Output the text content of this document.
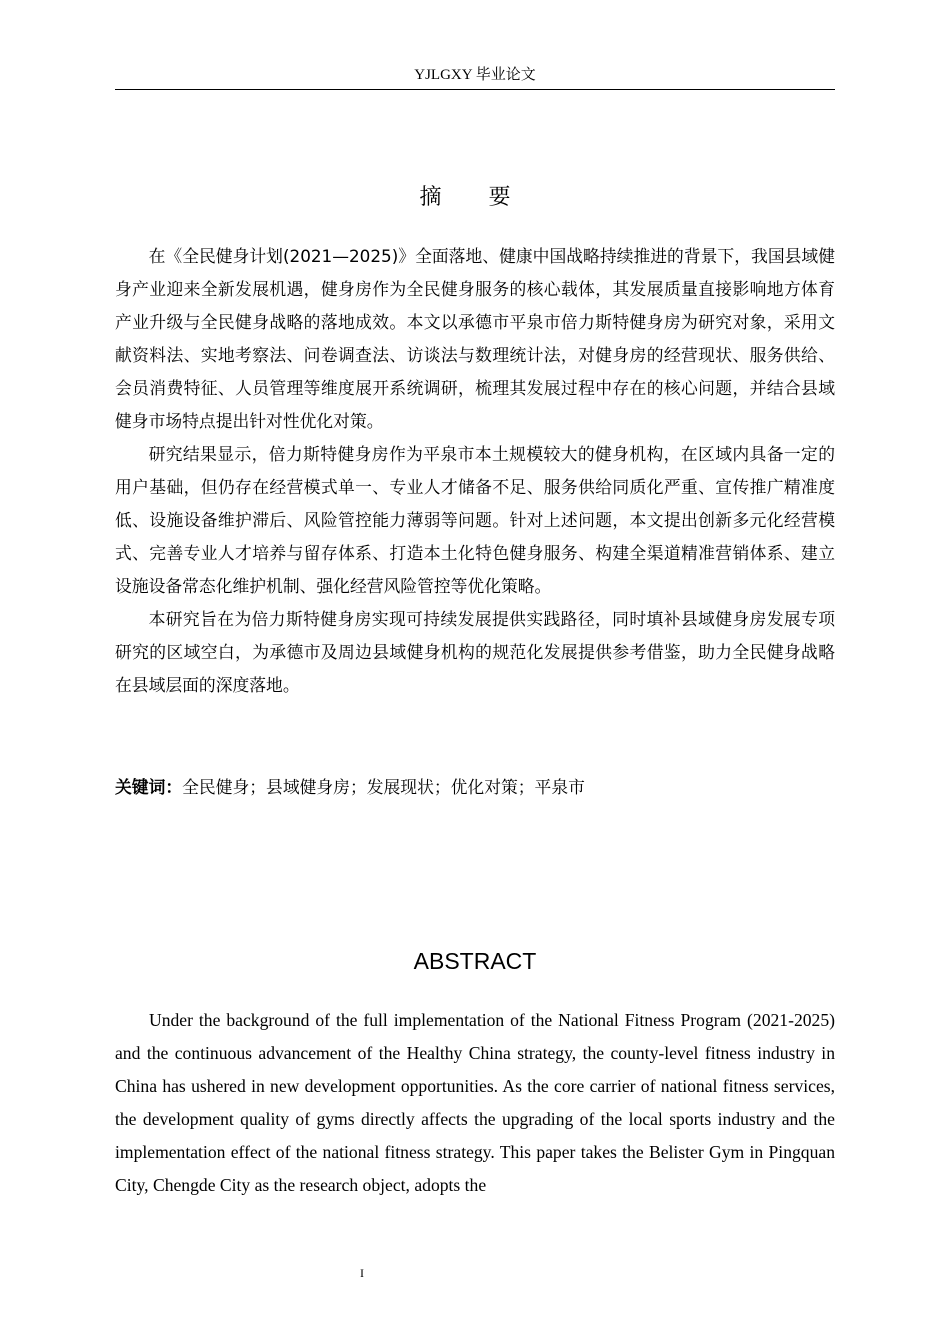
YJLGXY 毕业论文
摘 要

在《全民健身计划(2021—2025)》全面落地、健康中国战略持续推进的背景下，我国县域健身产业迎来全新发展机遇，健身房作为全民健身服务的核心载体，其发展质量直接影响地方体育产业升级与全民健身战略的落地成效。本文以承德市平泉市倍力斯特健身房为研究对象，采用文献资料法、实地考察法、问卷调查法、访谈法与数理统计法，对健身房的经营现状、服务供给、会员消费特征、人员管理等维度展开系统调研，梳理其发展过程中存在的核心问题，并结合县域健身市场特点提出针对性优化对策。

研究结果显示，倍力斯特健身房作为平泉市本土规模较大的健身机构，在区域内具备一定的用户基础，但仍存在经营模式单一、专业人才储备不足、服务供给同质化严重、宣传推广精准度低、设施设备维护滞后、风险管控能力薄弱等问题。针对上述问题，本文提出创新多元化经营模式、完善专业人才培养与留存体系、打造本土化特色健身服务、构建全渠道精准营销体系、建立设施设备常态化维护机制、强化经营风险管控等优化策略。

本研究旨在为倍力斯特健身房实现可持续发展提供实践路径，同时填补县域健身房发展专项研究的区域空白，为承德市及周边县域健身机构的规范化发展提供参考借鉴，助力全民健身战略在县域层面的深度落地。

关键词：全民健身；县域健身房；发展现状；优化对策；平泉市
ABSTRACT

Under the background of the full implementation of the National Fitness Program (2021-2025) and the continuous advancement of the Healthy China strategy, the county-level fitness industry in China has ushered in new development opportunities. As the core carrier of national fitness services, the development quality of gyms directly affects the upgrading of the local sports industry and the implementation effect of the national fitness strategy. This paper takes the Belister Gym in Pingquan City, Chengde City as the research object, adopts the

I
